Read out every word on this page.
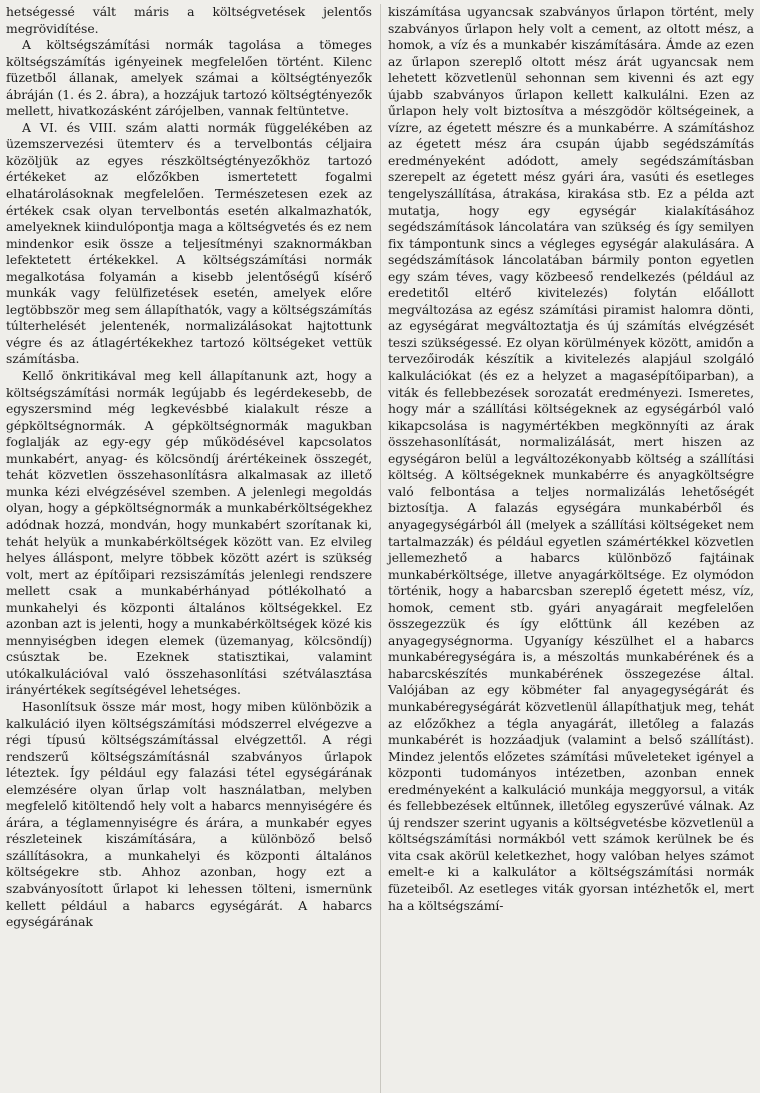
hetségessé vált máris a költségvetések jelentős megrövidítése.

A költségszámítási normák tagolása a tömeges költségszámítás igényeinek megfelelően történt. Kilenc füzetből állanak, amelyek számai a költségtényezők ábráján (1. és 2. ábra), a hozzájuk tartozó költségtényezők mellett, hivatkozásként zárójelben, vannak feltüntetve.

A VI. és VIII. szám alatti normák függelékében az üzemszervezési ütemterv és a tervelbontás céljaira közöljük az egyes részköltségtényezőkhöz tartozó értékeket az előzőkben ismertetett fogalmi elhatárolásoknak megfelelően. Természetesen ezek az értékek csak olyan tervelbontás esetén alkalmazhatók, amelyeknek kiindulópontja maga a költségvetés és ez nem mindenkor esik össze a teljesítményi szaknormákban lefektetett értékekkel. A költségszámítási normák megalkotása folyamán a kisebb jelentőségű kísérő munkák vagy felülfizetések esetén, amelyek előre legtöbbször meg sem állapíthatók, vagy a költségszámítás túlterhelését jelentenék, normalizálásokat hajtottunk végre és az átlagértékekhez tartozó költségeket vettük számításba.

Kellő önkritikával meg kell állapítanunk azt, hogy a költségszámítási normák legújabb és legérdekesebb, de egyszersmind még legkevésbbé kialakult része a gépköltségnormák. A gépköltségnormák magukban foglalják az egy-egy gép működésével kapcsolatos munkabért, anyag- és kölcsöndíj árértékeinek összegét, tehát közvetlen összehasonlításra alkalmasak az illető munka kézi elvégzésével szemben. A jelenlegi megoldás olyan, hogy a gépköltségnormák a munkabérköltségekhez adódnak hozzá, mondván, hogy munkabért szorítanak ki, tehát helyük a munkabérköltségek között van. Ez elvileg helyes álláspont, melyre többek között azért is szükség volt, mert az építőipari rezsiszámítás jelenlegi rendszere mellett csak a munkabérhányad pótlékolható a munkahelyi és központi általános költségekkel. Ez azonban azt is jelenti, hogy a munkabérköltségek közé kis mennyiségben idegen elemek (üzemanyag, kölcsöndíj) csúsztak be. Ezeknek statisztikai, valamint utókalkulációval való összehasonlítási szétválasztása irányértékek segítségével lehetséges.

Hasonlítsuk össze már most, hogy miben különbözik a kalkuláció ilyen költségszámítási módszerrel elvégezve a régi típusú költségszámítással elvégzettől. A régi rendszerű költségszámításnál szabványos űrlapok léteztek. Így például egy falazási tétel egységárának elemzésére olyan űrlap volt használatban, melyben megfelelő kitöltendő hely volt a habarcs mennyiségére és árára, a téglamennyiségre és árára, a munkabér egyes részleteinek kiszámítására, a különböző belső szállításokra, a munkahelyi és központi általános költségekre stb. Ahhoz azonban, hogy ezt a szabványosított űrlapot ki lehessen tölteni, ismernünk kellett például a habarcs egységárát. A habarcs egységárának

kiszámítása ugyancsak szabványos űrlapon történt, mely szabványos űrlapon hely volt a cement, az oltott mész, a homok, a víz és a munkabér kiszámítására. Ámde az ezen az űrlapon szereplő oltott mész árát ugyancsak nem lehetett közvetlenül sehonnan sem kivenni és azt egy újabb szabványos űrlapon kellett kalkulálni. Ezen az űrlapon hely volt biztosítva a mészgödör költségeinek, a vízre, az égetett mészre és a munkabérre. A számításhoz az égetett mész ára csupán újabb segédszámítás eredményeként adódott, amely segédszámításban szerepelt az égetett mész gyári ára, vasúti és esetleges tengelyszállítása, átrakása, kirakása stb. Ez a példa azt mutatja, hogy egy egységár kialakításához segédszámítások láncolatára van szükség és így semilyen fix támpontunk sincs a végleges egységár alakulására. A segédszámítások láncolatában bármily ponton egyetlen egy szám téves, vagy közbeeső rendelkezés (például az eredetitől eltérő kivitelezés) folytán előállott megváltozása az egész számítási piramist halomra dönti, az egységárat megváltoztatja és új számítás elvégzését teszi szükségessé. Ez olyan körülmények között, amidőn a tervezőirodák készítik a kivitelezés alapjául szolgáló kalkulációkat (és ez a helyzet a magasépítőiparban), a viták és fellebbezések sorozatát eredményezi. Ismeretes, hogy már a szállítási költségeknek az egységárból való kikapcsolása is nagymértékben megkönnyíti az árak összehasonlítását, normalizálását, mert hiszen az egységáron belül a legváltozékonyabb költség a szállítási költség. A költségeknek munkabérre és anyagköltségre való felbontása a teljes normalizálás lehetőségét biztosítja. A falazás egységára munkabérből és anyagegységárból áll (melyek a szállítási költségeket nem tartalmazzák) és például egyetlen számértékkel közvetlen jellemezhető a habarcs különböző fajtáinak munkabérköltsége, illetve anyagárköltsége. Ez olymódon történik, hogy a habarcsban szereplő égetett mész, víz, homok, cement stb. gyári anyagárait megfelelően összegezzük és így előttünk áll kezében az anyagegységnorma. Ugyanígy készülhet el a habarcs munkabéregységára is, a mészoltás munkabérének és a habarcskészítés munkabérének összegezése által. Valójában az egy köbméter fal anyagegységárát és munkabéregységárát közvetlenül állapíthatjuk meg, tehát az előzőkhez a tégla anyagárát, illetőleg a falazás munkabérét is hozzáadjuk (valamint a belső szállítást). Mindez jelentős előzetes számítási műveleteket igényel a központi tudományos intézetben, azonban ennek eredményeként a kalkuláció munkája meggyorsul, a viták és fellebbezések eltűnnek, illetőleg egyszerűvé válnak. Az új rendszer szerint ugyanis a költségvetésbe közvetlenül a költségszámítási normákból vett számok kerülnek be és vita csak akörül keletkezhet, hogy valóban helyes számot emelt-e ki a kalkulátor a költségszámítási normák füzeteiből. Az esetleges viták gyorsan intézhetők el, mert ha a költségszámí-
